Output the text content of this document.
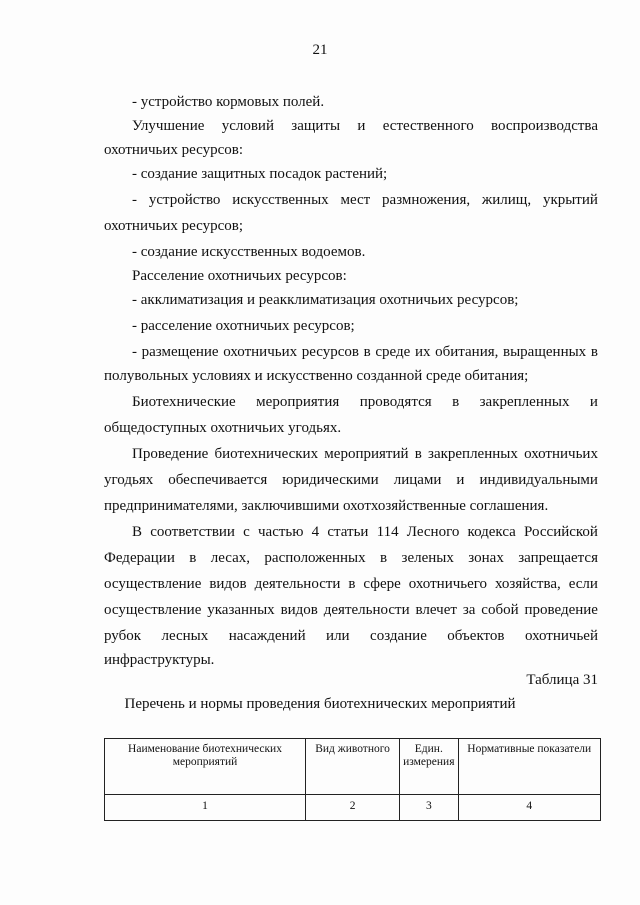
21
- устройство кормовых полей.
Улучшение условий защиты и естественного воспроизводства
охотничьих ресурсов:
- создание защитных посадок растений;
- устройство искусственных мест размножения, жилищ, укрытий
охотничьих ресурсов;
- создание искусственных водоемов.
Расселение охотничьих ресурсов:
- акклиматизация и реакклиматизация охотничьих ресурсов;
- расселение охотничьих ресурсов;
- размещение охотничьих ресурсов в среде их обитания, выращенных в
полувольных условиях и искусственно созданной среде обитания;
Биотехнические мероприятия проводятся в закрепленных и
общедоступных охотничьих угодьях.
Проведение биотехнических мероприятий в закрепленных охотничьих
угодьях обеспечивается юридическими лицами и индивидуальными
предпринимателями, заключившими охотхозяйственные соглашения.
В соответствии с частью 4 статьи 114 Лесного кодекса Российской
Федерации в лесах, расположенных в зеленых зонах запрещается
осуществление видов деятельности в сфере охотничьего хозяйства, если
осуществление указанных видов деятельности влечет за собой проведение
рубок лесных насаждений или создание объектов охотничьей
инфраструктуры.
Таблица 31
Перечень и нормы проведения биотехнических мероприятий
Наименование биотехнических мероприятий	Вид животного	Един. измерения	Нормативные показатели
1	2	3	4
